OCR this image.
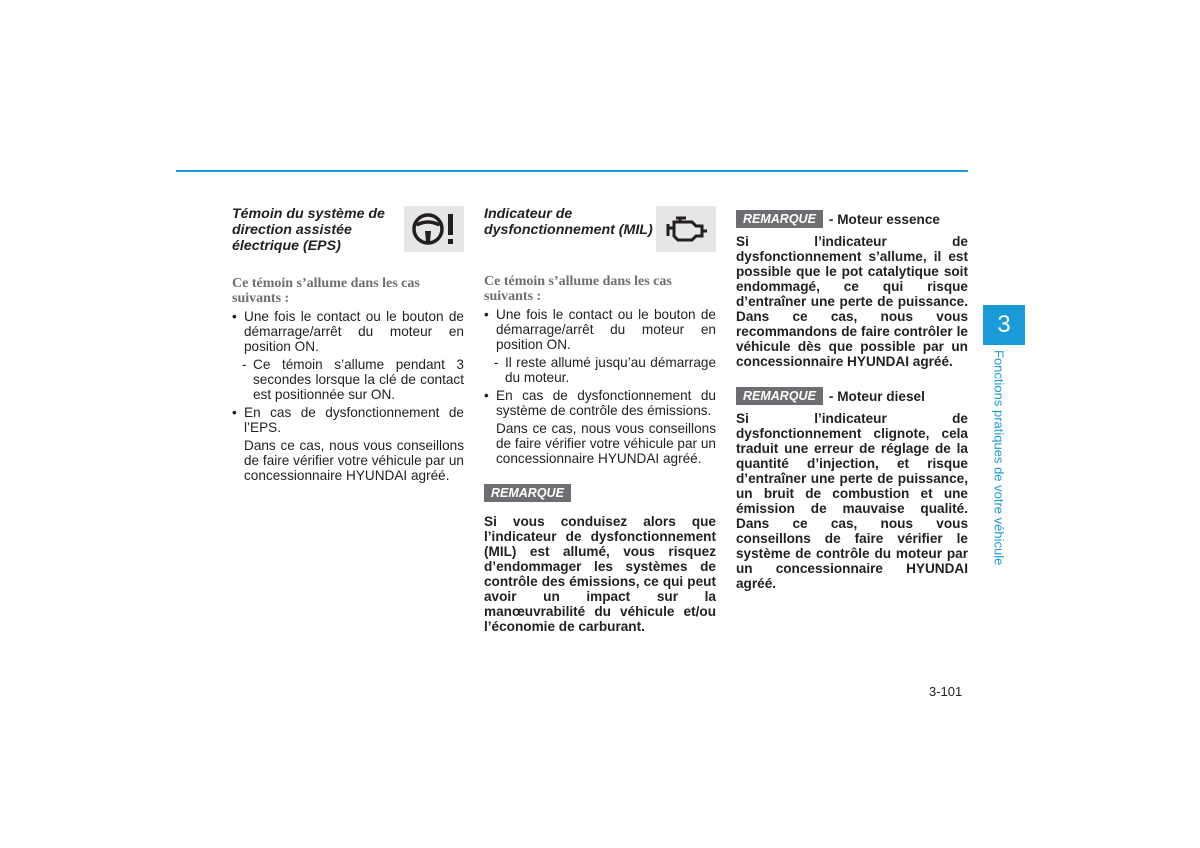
Témoin du système de direction assistée électrique (EPS)
Ce témoin s’allume dans les cas suivants :
• Une fois le contact ou le bouton de démarrage/arrêt du moteur en position ON.
- Ce témoin s’allume pendant 3 secondes lorsque la clé de contact est positionnée sur ON.
• En cas de dysfonctionnement de l’EPS.
Dans ce cas, nous vous conseillons de faire vérifier votre véhicule par un concessionnaire HYUNDAI agréé.
Indicateur de dysfonctionnement (MIL)
Ce témoin s’allume dans les cas suivants :
• Une fois le contact ou le bouton de démarrage/arrêt du moteur en position ON.
- Il reste allumé jusqu’au démarrage du moteur.
• En cas de dysfonctionnement du système de contrôle des émissions.
Dans ce cas, nous vous conseillons de faire vérifier votre véhicule par un concessionnaire HYUNDAI agréé.
REMARQUE

Si vous conduisez alors que l’indicateur de dysfonctionnement (MIL) est allumé, vous risquez d’endommager les systèmes de contrôle des émissions, ce qui peut avoir un impact sur la manœuvrabilité du véhicule et/ou l’économie de carburant.

REMARQUE - Moteur essence

Si l’indicateur de dysfonctionnement s’allume, il est possible que le pot catalytique soit endommagé, ce qui risque d’entraîner une perte de puissance. Dans ce cas, nous vous recommandons de faire contrôler le véhicule dès que possible par un concessionnaire HYUNDAI agréé.

REMARQUE - Moteur diesel

Si l’indicateur de dysfonctionnement clignote, cela traduit une erreur de réglage de la quantité d’injection, et risque d’entraîner une perte de puissance, un bruit de combustion et une émission de mauvaise qualité. Dans ce cas, nous vous conseillons de faire vérifier le système de contrôle du moteur par un concessionnaire HYUNDAI agréé.

3
Fonctions pratiques de votre véhicule
3-101
